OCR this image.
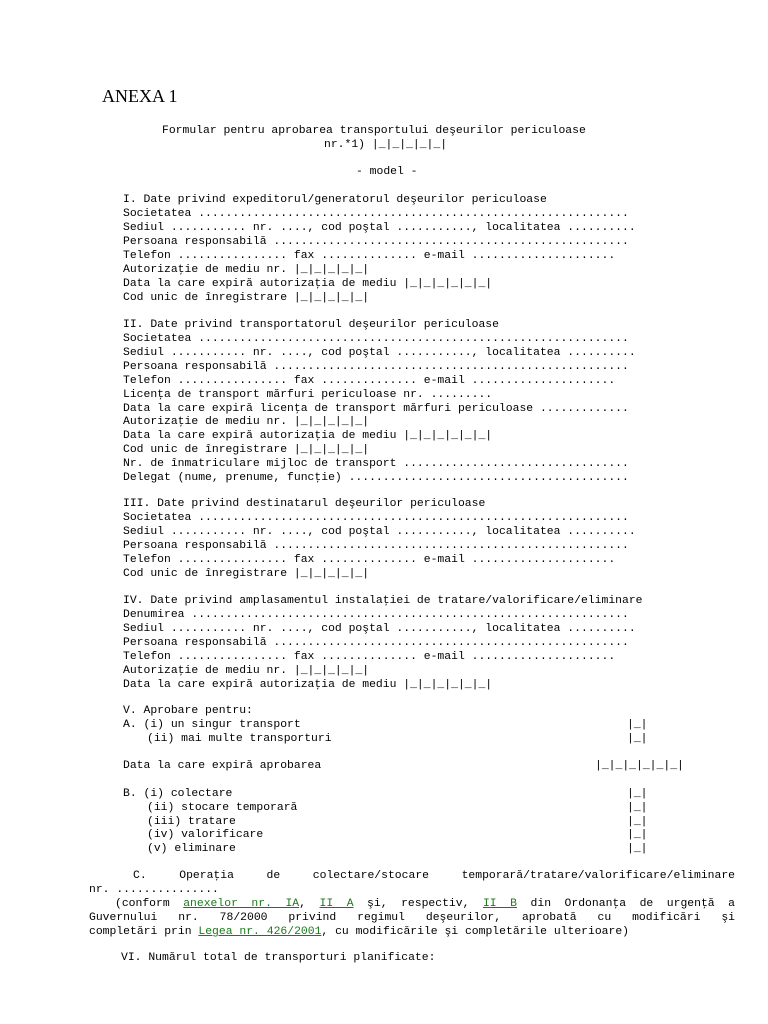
ANEXA 1
Formular pentru aprobarea transportului deşeurilor periculoase
nr.*1) |_|_|_|_|_|
- model -
I. Date privind expeditorul/generatorul deşeurilor periculoase
Societatea ...............................................................
Sediul ........... nr. ...., cod poştal ..........., localitatea ..........
Persoana responsabilă ....................................................
Telefon ................ fax .............. e-mail .....................
Autorizaţie de mediu nr. |_|_|_|_|_|
Data la care expiră autorizaţia de mediu |_|_|_|_|_|_|
Cod unic de înregistrare |_|_|_|_|_|
II. Date privind transportatorul deşeurilor periculoase
Societatea ...............................................................
Sediul ........... nr. ...., cod poştal ..........., localitatea ..........
Persoana responsabilă ....................................................
Telefon ................ fax .............. e-mail .....................
Licenţa de transport mărfuri periculoase nr. .........
Data la care expiră licenţa de transport mărfuri periculoase .............
Autorizaţie de mediu nr. |_|_|_|_|_|
Data la care expiră autorizaţia de mediu |_|_|_|_|_|_|
Cod unic de înregistrare |_|_|_|_|_|
Nr. de înmatriculare mijloc de transport .................................
Delegat (nume, prenume, funcţie) .........................................
III. Date privind destinatarul deşeurilor periculoase
Societatea ...............................................................
Sediul ........... nr. ...., cod poştal ..........., localitatea ..........
Persoana responsabilă ....................................................
Telefon ................ fax .............. e-mail .....................
Cod unic de înregistrare |_|_|_|_|_|
IV. Date privind amplasamentul instalaţiei de tratare/valorificare/eliminare
Denumirea ................................................................
Sediul ........... nr. ...., cod poştal ..........., localitatea ..........
Persoana responsabilă ....................................................
Telefon ................ fax .............. e-mail .....................
Autorizaţie de mediu nr. |_|_|_|_|_|
Data la care expiră autorizaţia de mediu |_|_|_|_|_|_|
V. Aprobare pentru:
A. (i) un singur transport	|_|
(ii) mai multe transporturi	|_|
Data la care expiră aprobarea	|_|_|_|_|_|_|
B. (i) colectare	|_|
(ii) stocare temporară	|_|
(iii) tratare	|_|
(iv) valorificare	|_|
(v) eliminare	|_|
C. Operaţia de colectare/stocare temporară/tratare/valorificare/eliminare
nr. ...............
(conform anexelor nr. IA, II A şi, respectiv, II B din Ordonanţa de urgenţă a
Guvernului nr. 78/2000 privind regimul deşeurilor, aprobată cu modificări şi
completări prin Legea nr. 426/2001, cu modificările şi completările ulterioare)
VI. Numărul total de transporturi planificate:
